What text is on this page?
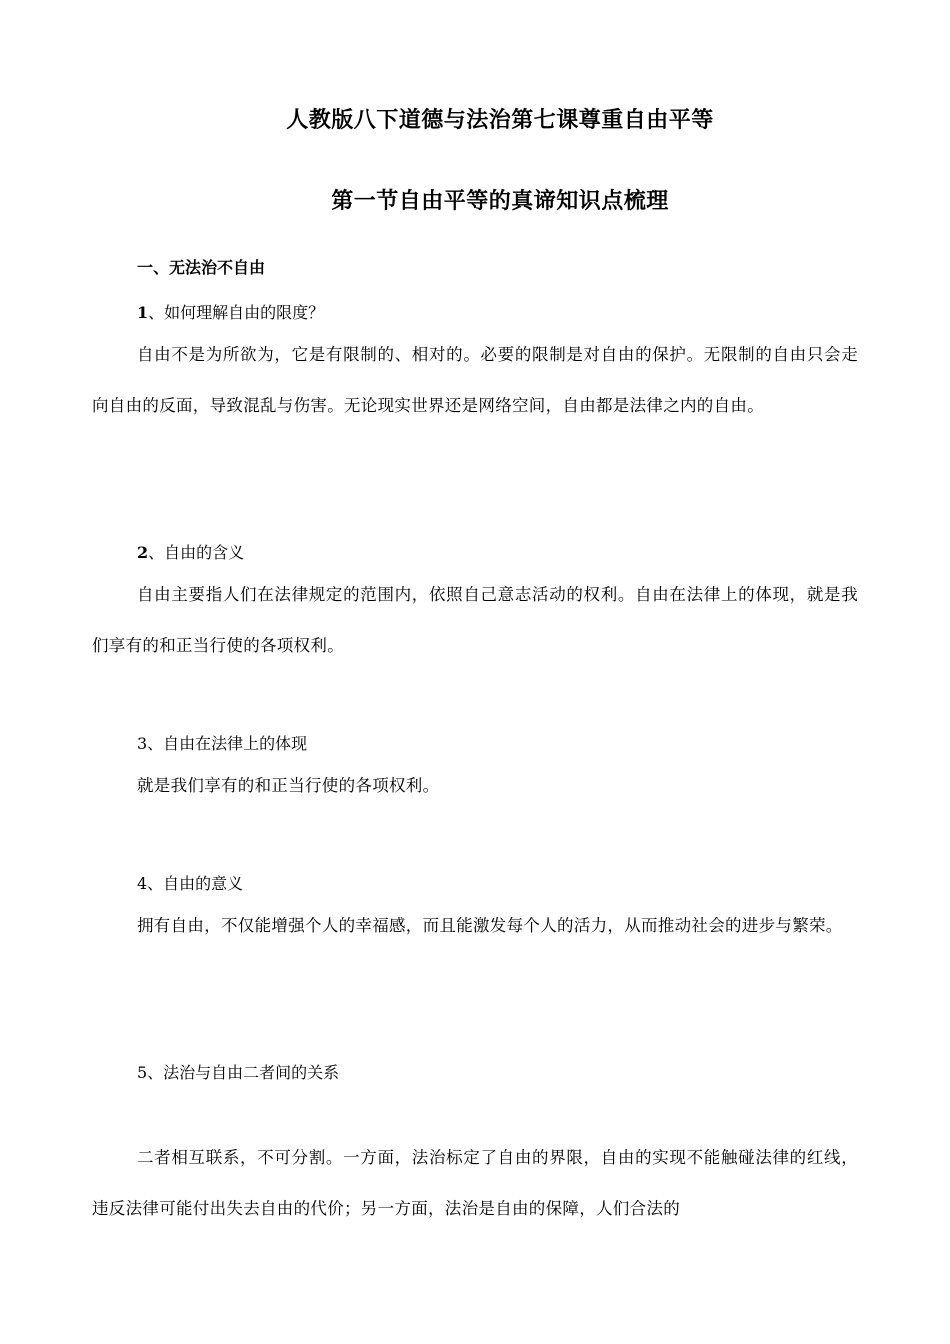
人教版八下道德与法治第七课尊重自由平等
第一节自由平等的真谛知识点梳理
一、无法治不自由
1、如何理解自由的限度？
自由不是为所欲为，它是有限制的、相对的。必要的限制是对自由的保护。无限制的自由只会走向自由的反面，导致混乱与伤害。无论现实世界还是网络空间，自由都是法律之内的自由。
2、自由的含义
自由主要指人们在法律规定的范围内，依照自己意志活动的权利。自由在法律上的体现，就是我们享有的和正当行使的各项权利。
3、自由在法律上的体现
就是我们享有的和正当行使的各项权利。
4、自由的意义
拥有自由，不仅能增强个人的幸福感，而且能激发每个人的活力，从而推动社会的进步与繁荣。
5、法治与自由二者间的关系
二者相互联系，不可分割。一方面，法治标定了自由的界限，自由的实现不能触碰法律的红线，违反法律可能付出失去自由的代价；另一方面，法治是自由的保障，人们合法的
